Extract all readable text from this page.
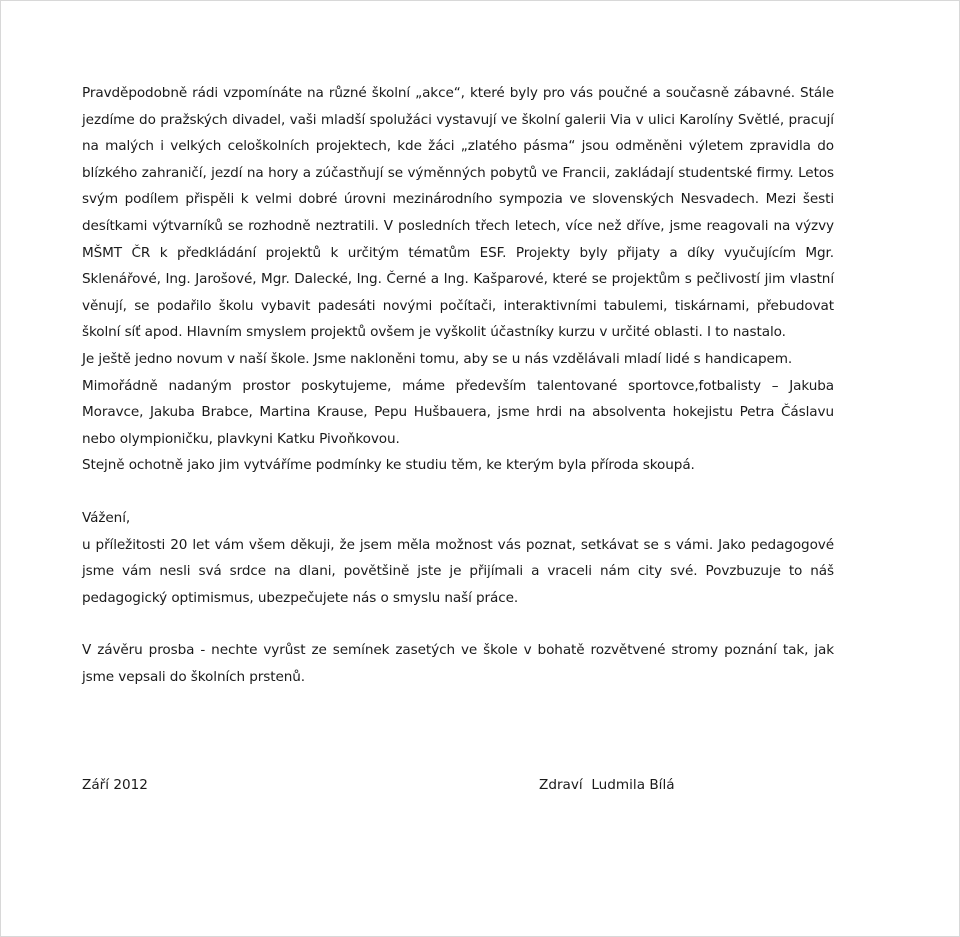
Pravděpodobně rádi vzpomínáte na různé školní „akce“, které byly pro vás poučné a současně zábavné. Stále jezdíme do pražských divadel, vaši mladší spolužáci vystavují ve školní galerii Via v ulici Karolíny Světlé, pracují na malých i velkých celoškolních projektech, kde žáci „zlatého pásma“ jsou odměněni výletem zpravidla do blízkého zahraničí, jezdí na hory a zúčastňují se výměnných pobytů ve Francii, zakládají studentské firmy. Letos svým podílem přispěli k velmi dobré úrovni mezinárodního sympozia ve slovenských Nesvadech. Mezi šesti desítkami výtvarníků se rozhodně neztratili. V posledních třech letech, více než dříve, jsme reagovali na výzvy MŠMT ČR k předkládání projektů k určitým tématům ESF. Projekty byly přijaty a díky vyučujícím Mgr. Sklenářové, Ing. Jarošové, Mgr. Dalecké, Ing. Černé a Ing. Kašparové, které se projektům s pečlivostí jim vlastní věnují, se podařilo školu vybavit padesáti novými počítači, interaktivními tabulemi, tiskárnami, přebudovat školní síť apod. Hlavním smyslem projektů ovšem je vyškolit účastníky kurzu v určité oblasti. I to nastalo.

Je ještě jedno novum v naší škole. Jsme nakloněni tomu, aby se u nás vzdělávali mladí lidé s handicapem.

Mimořádně nadaným prostor poskytujeme, máme především talentované sportovce,fotbalisty – Jakuba Moravce, Jakuba Brabce, Martina Krause, Pepu Hušbauera, jsme hrdi na absolventa hokejistu Petra Čáslavu nebo olympioničku, plavkyni Katku Pivoňkovou.

Stejně ochotně jako jim vytváříme podmínky ke studiu těm, ke kterým byla příroda skoupá.

Vážení,

u příležitosti 20 let vám všem děkuji, že jsem měla možnost vás poznat, setkávat se s vámi. Jako pedagogové jsme vám nesli svá srdce na dlani, povětšině jste je přijímali a vraceli nám city své. Povzbuzuje to náš pedagogický optimismus, ubezpečujete nás o smyslu naší práce.

V závěru prosba - nechte vyrůst ze semínek zasetých ve škole v bohatě rozvětvené stromy poznání tak, jak jsme vepsali do školních prstenů.

Září 2012	Zdraví  Ludmila Bílá
